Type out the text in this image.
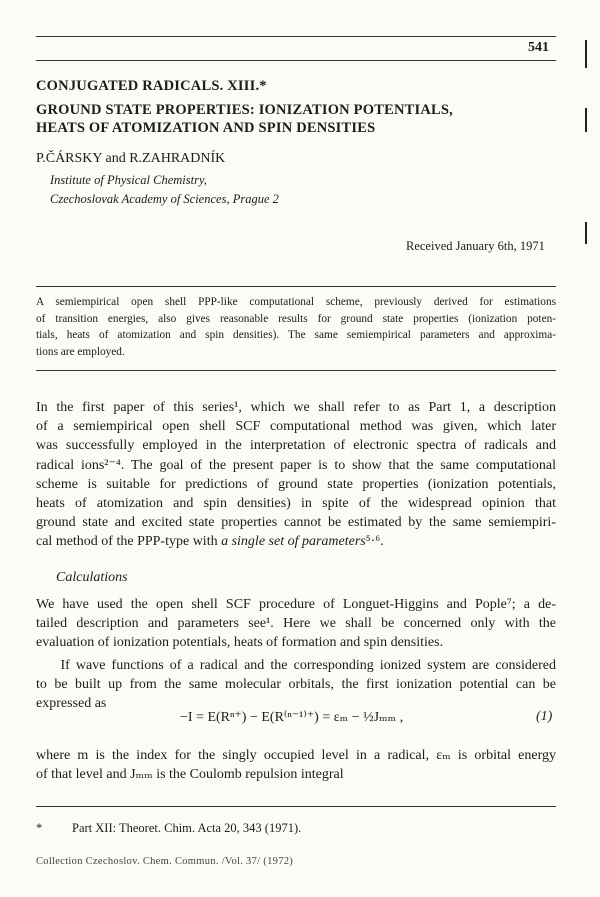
541
CONJUGATED RADICALS. XIII.*
GROUND STATE PROPERTIES: IONIZATION POTENTIALS,
HEATS OF ATOMIZATION AND SPIN DENSITIES
P.ČÁRSKY and R.ZAHRADNÍK
Institute of Physical Chemistry,
Czechoslovak Academy of Sciences, Prague 2
Received January 6th, 1971
A semiempirical open shell PPP-like computational scheme, previously derived for estimations
of transition energies, also gives reasonable results for ground state properties (ionization poten-
tials, heats of atomization and spin densities). The same semiempirical parameters and approxima-
tions are employed.
In the first paper of this series¹, which we shall refer to as Part 1, a description
of a semiempirical open shell SCF computational method was given, which later
was successfully employed in the interpretation of electronic spectra of radicals and
radical ions²⁻⁴. The goal of the present paper is to show that the same computational
scheme is suitable for predictions of ground state properties (ionization potentials,
heats of atomization and spin densities) in spite of the widespread opinion that
ground state and excited state properties cannot be estimated by the same semiempiri-
cal method of the PPP-type with a single set of parameters⁵·⁶.
Calculations
We have used the open shell SCF procedure of Longuet-Higgins and Pople⁷; a de-
tailed description and parameters see¹. Here we shall be concerned only with the
evaluation of ionization potentials, heats of formation and spin densities.
If wave functions of a radical and the corresponding ionized system are considered
to be built up from the same molecular orbitals, the first ionization potential can be
expressed as
−I = E(Rⁿ⁺) − E(R⁽ⁿ⁻¹⁾⁺) = εₘ − ½Jₘₘ ,	(1)
where m is the index for the singly occupied level in a radical, εₘ is orbital energy
of that level and Jₘₘ is the Coulomb repulsion integral
* Part XII: Theoret. Chim. Acta 20, 343 (1971).
Collection Czechoslov. Chem. Commun. /Vol. 37/ (1972)
